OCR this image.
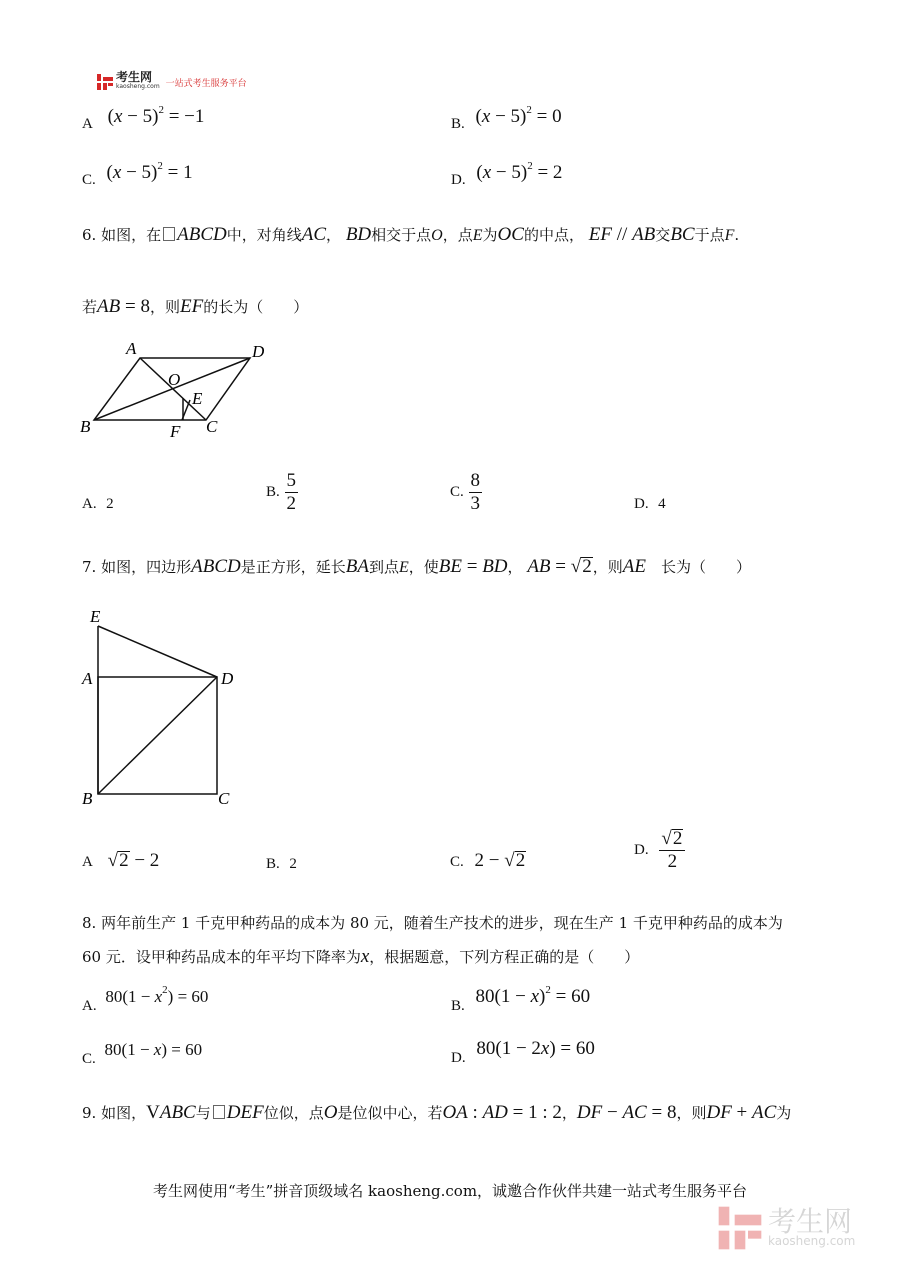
考生网
kaosheng.com 一站式考生服务平台
A $(x - 5)^2 = -1$	B. $(x - 5)^2 = 0$
C. $(x - 5)^2 = 1$	D. $(x - 5)^2 = 2$
6. 如图，在 ABCD中，对角线AC， BD相交于点O，点E为OC的中点， EF // AB交BC于点F.
若AB = 8，则EF的长为（　　）
A	D
O
E
B	F C
A. 2
B. $\frac{5}{2}$	C. $\frac{8}{3}$	D. 4
7. 如图，四边形ABCD是正方形，延长BA到点E，使BE = BD， AB = √2，则AE　长为（　　）
E
A	D
B	C
A √2 − 2	B. 2	C. 2 − √2	D. $\frac{√2}{2}$
8. 两年前生产 1 千克甲种药品的成本为 80 元，随着生产技术的进步，现在生产 1 千克甲种药品的成本为
60 元．设甲种药品成本的年平均下降率为x，根据题意，下列方程正确的是（　　）
A. $80(1 - x^2) = 60$	B. $80(1 - x)^2 = 60$
C. 80(1 − x) = 60	D. 80(1 − 2x) = 60
9. 如图，VABC与 DEF位似，点O是位似中心，若OA : AD = 1 : 2，DF − AC = 8，则DF + AC为
考生网使用“考生”拼音顶级域名 kaosheng.com，诚邀合作伙伴共建一站式考生服务平台
考生网
kaosheng.com
